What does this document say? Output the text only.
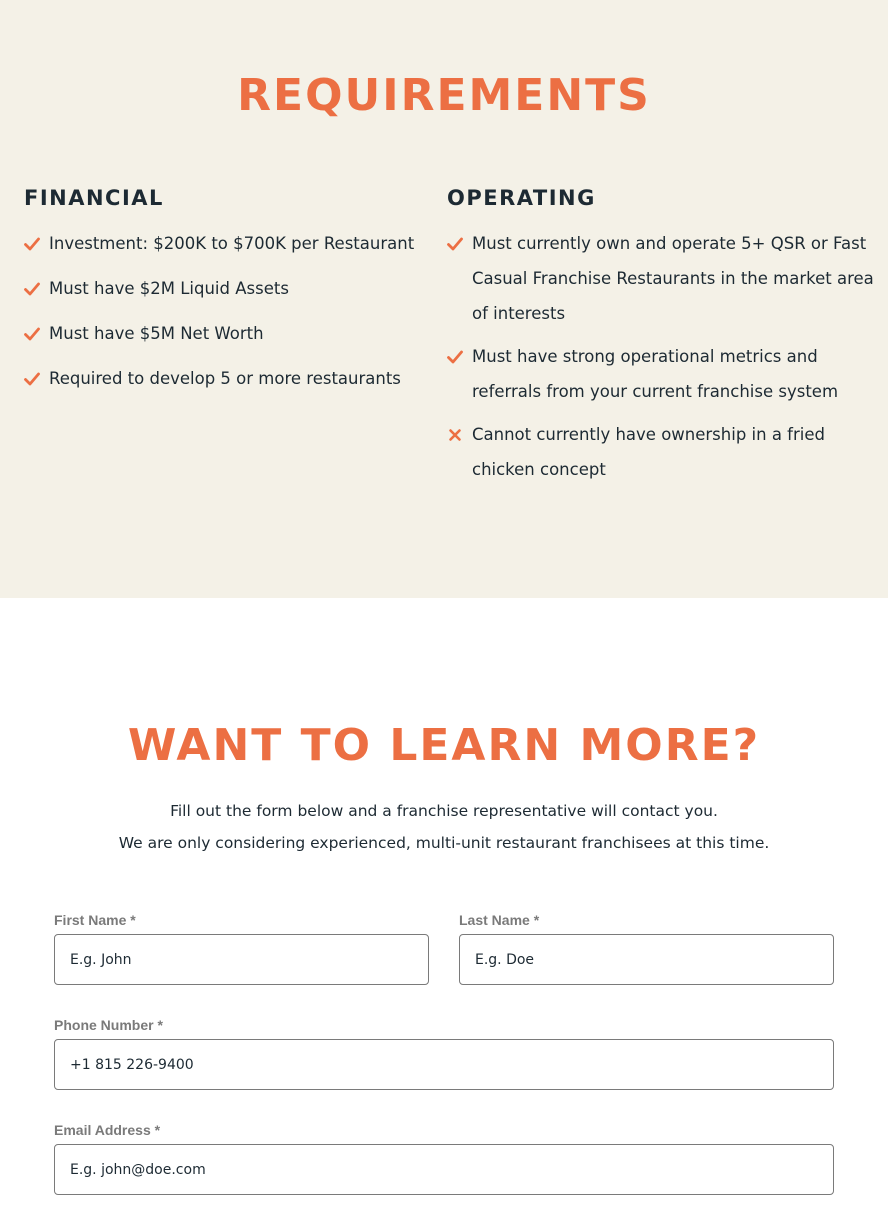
REQUIREMENTS
FINANCIAL
Investment: $200K to $700K per Restaurant
Must have $2M Liquid Assets
Must have $5M Net Worth
Required to develop 5 or more restaurants
OPERATING
Must currently own and operate 5+ QSR or Fast Casual Franchise Restaurants in the market area of interests
Must have strong operational metrics and referrals from your current franchise system
Cannot currently have ownership in a fried chicken concept
WANT TO LEARN MORE?

Fill out the form below and a franchise representative will contact you.

We are only considering experienced, multi-unit restaurant franchisees at this time.

First Name *
E.g. John	Last Name *
E.g. Doe
Phone Number *
+1 815 226-9400
Email Address *
E.g. john@doe.com
